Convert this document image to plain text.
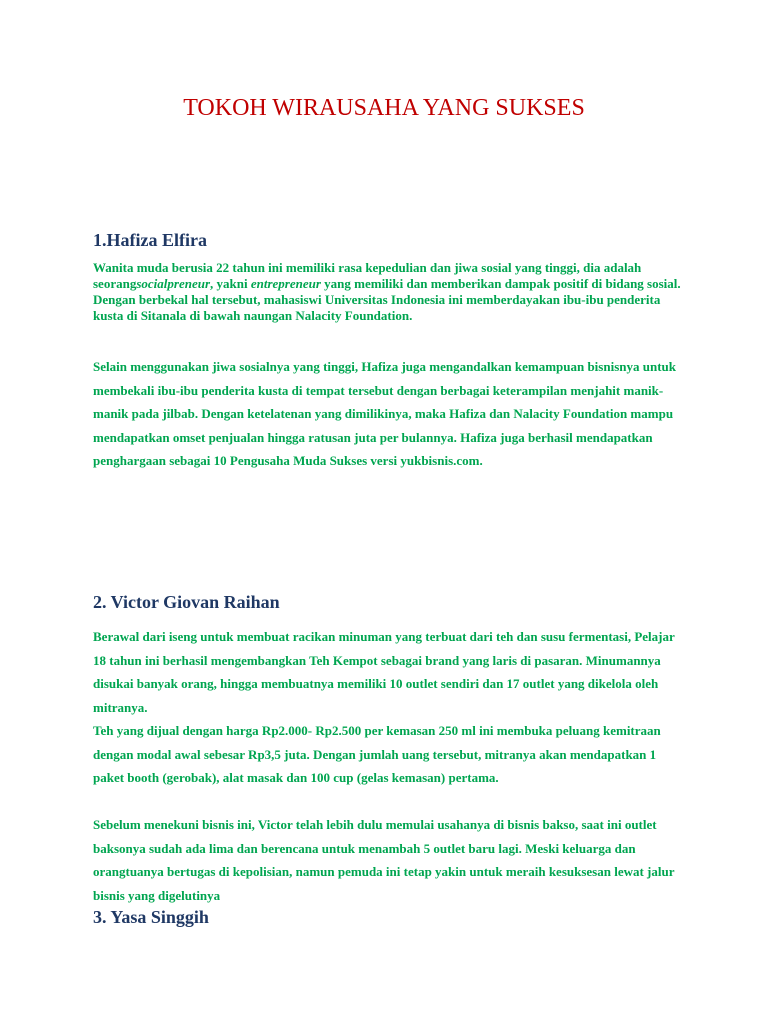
TOKOH WIRAUSAHA YANG SUKSES
1.Hafiza Elfira

Wanita muda berusia 22 tahun ini memiliki rasa kepedulian dan jiwa sosial yang tinggi, dia adalah seorangsocialpreneur, yakni entrepreneur yang memiliki dan memberikan dampak positif di bidang sosial. Dengan berbekal hal tersebut, mahasiswi Universitas Indonesia ini memberdayakan ibu-ibu penderita kusta di Sitanala di bawah naungan Nalacity Foundation.

Selain menggunakan jiwa sosialnya yang tinggi, Hafiza juga mengandalkan kemampuan bisnisnya untuk membekali ibu-ibu penderita kusta di tempat tersebut dengan berbagai keterampilan menjahit manik-manik pada jilbab. Dengan ketelatenan yang dimilikinya, maka Hafiza dan Nalacity Foundation mampu mendapatkan omset penjualan hingga ratusan juta per bulannya. Hafiza juga berhasil mendapatkan penghargaan sebagai 10 Pengusaha Muda Sukses versi yukbisnis.com.

2. Victor Giovan Raihan

Berawal dari iseng untuk membuat racikan minuman yang terbuat dari teh dan susu fermentasi, Pelajar 18 tahun ini berhasil mengembangkan Teh Kempot sebagai brand yang laris di pasaran. Minumannya disukai banyak orang, hingga membuatnya memiliki 10 outlet sendiri dan 17 outlet yang dikelola oleh mitranya.

Teh yang dijual dengan harga Rp2.000- Rp2.500 per kemasan 250 ml ini membuka peluang kemitraan dengan modal awal sebesar Rp3,5 juta. Dengan jumlah uang tersebut, mitranya akan mendapatkan 1 paket booth (gerobak), alat masak dan 100 cup (gelas kemasan) pertama.

Sebelum menekuni bisnis ini, Victor telah lebih dulu memulai usahanya di bisnis bakso, saat ini outlet baksonya sudah ada lima dan berencana untuk menambah 5 outlet baru lagi. Meski keluarga dan orangtuanya bertugas di kepolisian, namun pemuda ini tetap yakin untuk meraih kesuksesan lewat jalur bisnis yang digelutinya

3. Yasa Singgih
